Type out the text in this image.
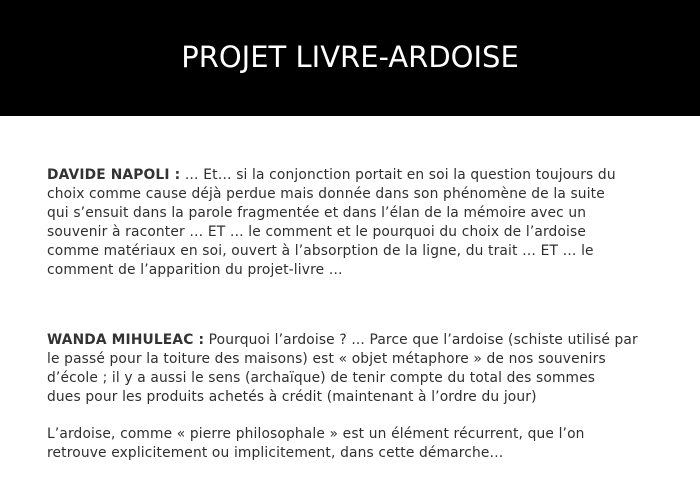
PROJET LIVRE-ARDOISE

DAVIDE NAPOLI : … Et… si la conjonction portait en soi la question toujours du
choix comme cause déjà perdue mais donnée dans son phénomène de la suite
qui s’ensuit dans la parole fragmentée et dans l’élan de la mémoire avec un
souvenir à raconter … ET … le comment et le pourquoi du choix de l’ardoise
comme matériaux en soi, ouvert à l’absorption de la ligne, du trait … ET … le
comment de l’apparition du projet-livre …

WANDA MIHULEAC : Pourquoi l’ardoise ? ... Parce que l’ardoise (schiste utilisé par
le passé pour la toiture des maisons) est « objet métaphore » de nos souvenirs
d’école ; il y a aussi le sens (archaïque) de tenir compte du total des sommes
dues pour les produits achetés à crédit (maintenant à l’ordre du jour)

L’ardoise, comme « pierre philosophale » est un élément récurrent, que l’on
retrouve explicitement ou implicitement, dans cette démarche…
